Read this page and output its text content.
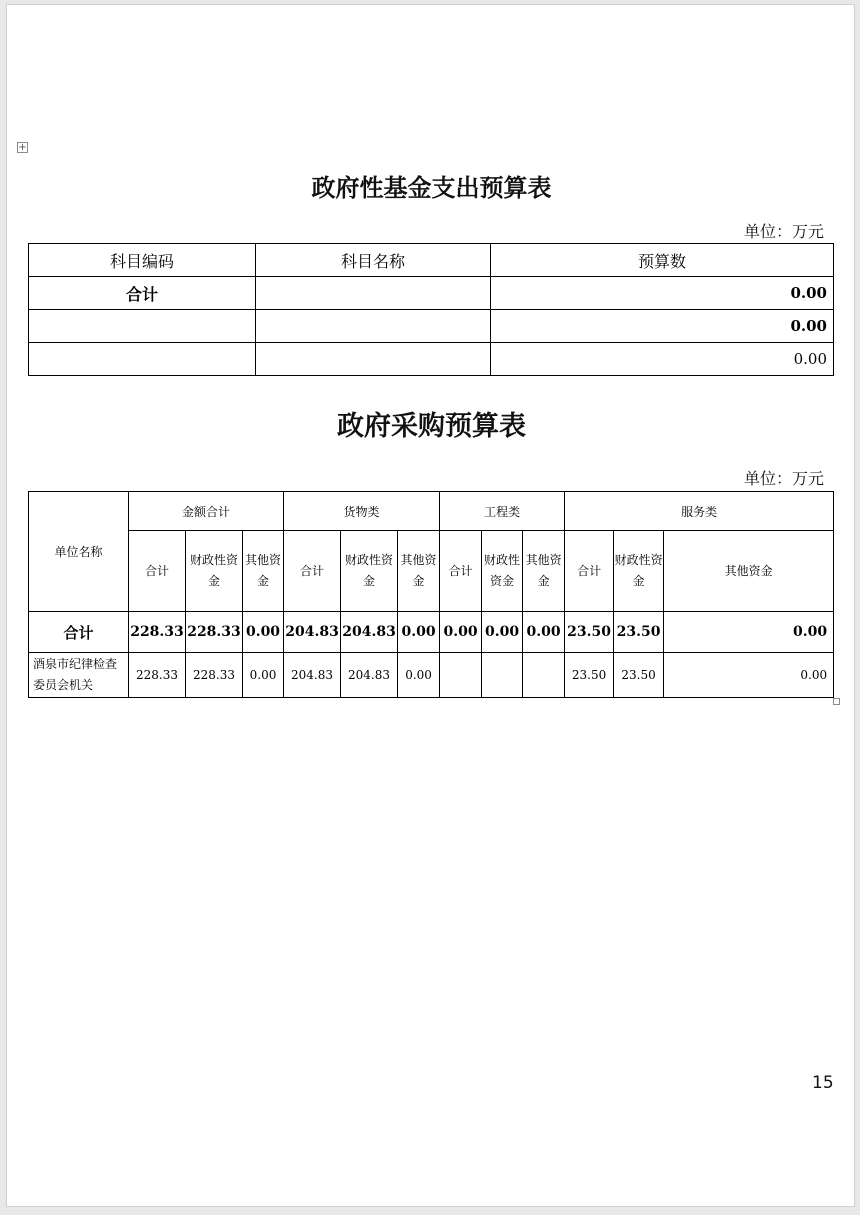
+
政府性基金支出预算表
单位：万元
科目编码	科目名称	预算数
合计		0.00
		0.00
		0.00
政府采购预算表
单位：万元
单位名称	金额合计			货物类			工程类			服务类		
	合计	财政性资金	其他资金	合计	财政性资金	其他资金	合计	财政性资金	其他资金	合计	财政性资金	其他资金
合计	228.33	228.33	0.00	204.83	204.83	0.00	0.00	0.00	0.00	23.50	23.50	0.00
酒泉市纪律检查委员会机关	228.33	228.33	0.00	204.83	204.83	0.00				23.50	23.50	0.00
15
